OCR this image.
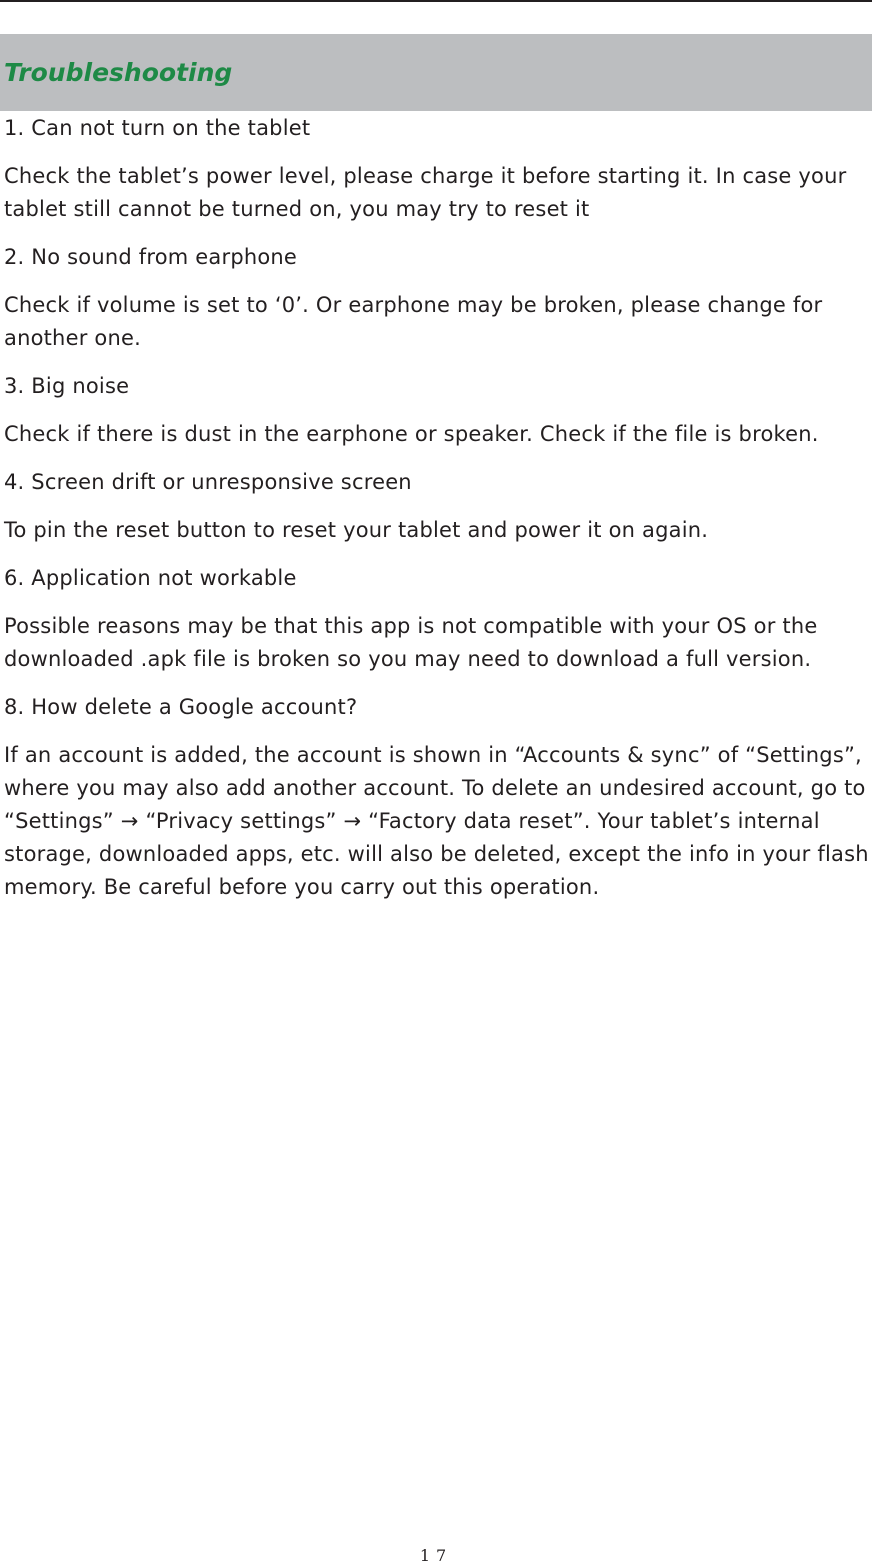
Troubleshooting

1. Can not turn on the tablet

Check the tablet’s power level, please charge it before starting it. In case your tablet still cannot be turned on, you may try to reset it

2. No sound from earphone

Check if volume is set to ‘0’. Or earphone may be broken, please change for another one.

3. Big noise

Check if there is dust in the earphone or speaker. Check if the file is broken.

4. Screen drift or unresponsive screen

To pin the reset button to reset your tablet and power it on again.

6. Application not workable

Possible reasons may be that this app is not compatible with your OS or the downloaded .apk file is broken so you may need to download a full version.

8. How delete a Google account?

If an account is added, the account is shown in “Accounts & sync” of “Settings”, where you may also add another account. To delete an undesired account, go to “Settings” → “Privacy settings” → “Factory data reset”. Your tablet’s internal storage, downloaded apps, etc. will also be deleted, except the info in your flash memory. Be careful before you carry out this operation.

17
